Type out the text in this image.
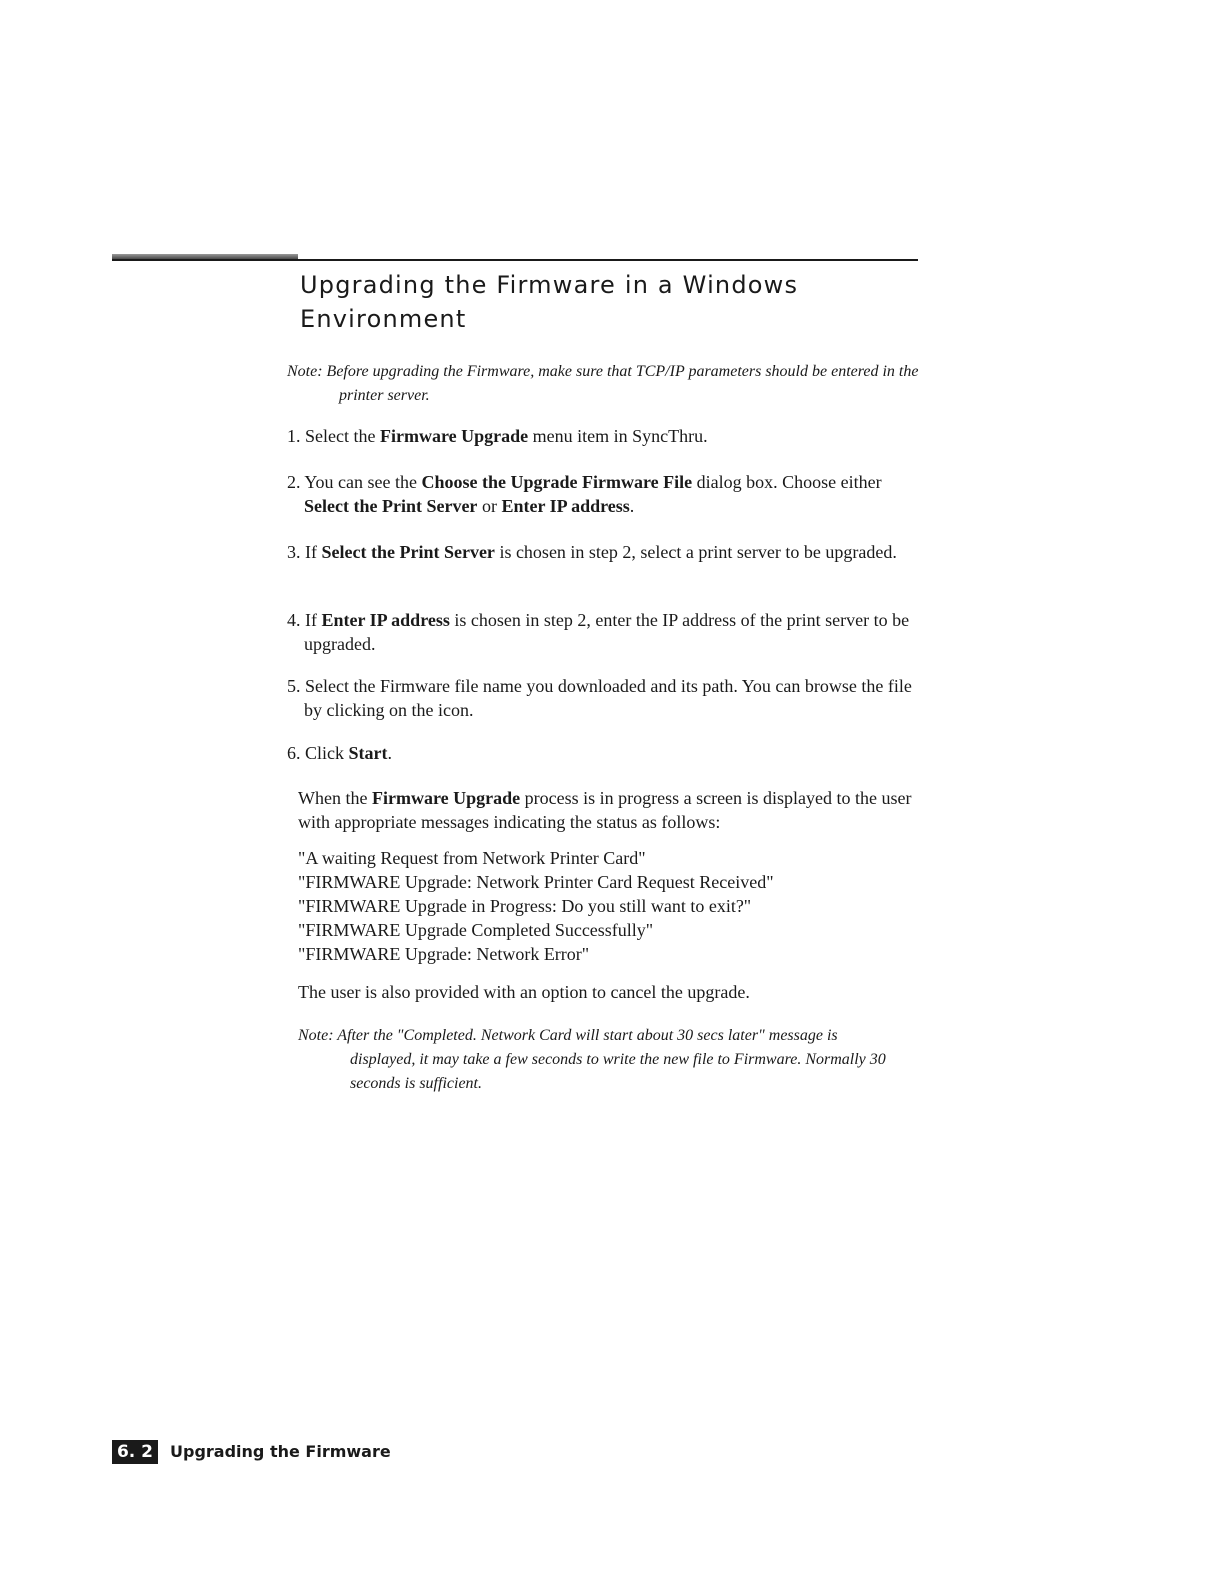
Upgrading the Firmware in a Windows Environment
Note: Before upgrading the Firmware, make sure that TCP/IP parameters should be entered in the printer server.

1. Select the Firmware Upgrade menu item in SyncThru.

2. You can see the Choose the Upgrade Firmware File dialog box. Choose either Select the Print Server or Enter IP address.

3. If Select the Print Server is chosen in step 2, select a print server to be upgraded.

4. If Enter IP address is chosen in step 2, enter the IP address of the print server to be upgraded.

5. Select the Firmware file name you downloaded and its path. You can browse the file by clicking on the icon.

6. Click Start.

When the Firmware Upgrade process is in progress a screen is displayed to the user with appropriate messages indicating the status as follows:

"A waiting Request from Network Printer Card"
"FIRMWARE Upgrade: Network Printer Card Request Received"
"FIRMWARE Upgrade in Progress: Do you still want to exit?"
"FIRMWARE Upgrade Completed Successfully"
"FIRMWARE Upgrade: Network Error"

The user is also provided with an option to cancel the upgrade.

Note: After the "Completed. Network Card will start about 30 secs later" message is displayed, it may take a few seconds to write the new file to Firmware. Normally 30 seconds is sufficient.
6. 2	Upgrading the Firmware
